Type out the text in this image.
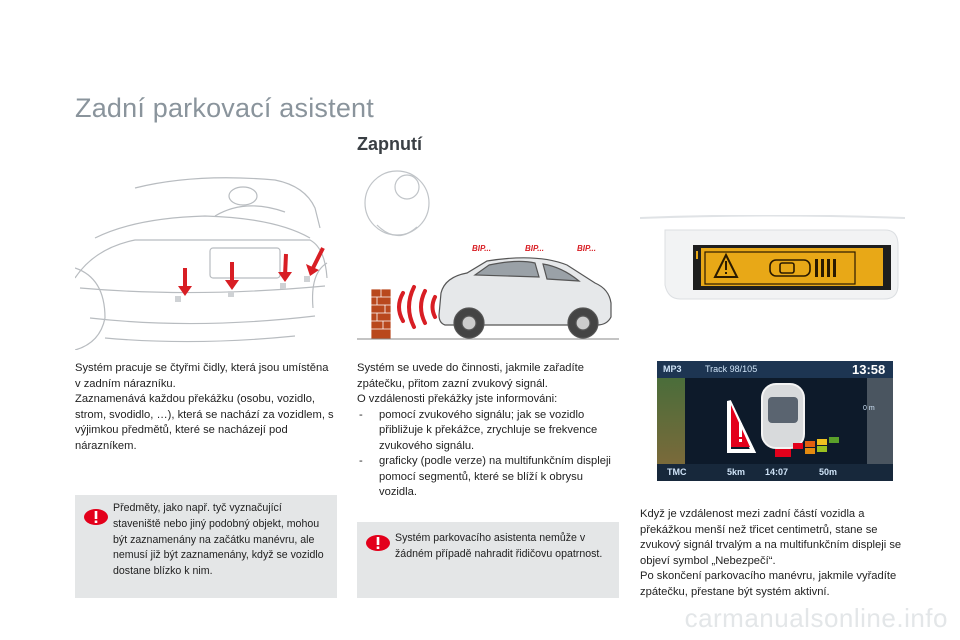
Zadní parkovací asistent
Zapnutí

Systém pracuje se čtyřmi čidly, která jsou umístěna v zadním nárazníku.

Zaznamenává každou překážku (osobu, vozidlo, strom, svodidlo, …), která se nachází za vozidlem, s výjimkou předmětů, které se nacházejí pod nárazníkem.

Předměty, jako např. tyč vyznačující staveniště nebo jiný podobný objekt, mohou být zaznamenány na začátku manévru, ale nemusí již být zaznamenány, když se vozidlo dostane blízko k nim.
BIP...	BIP...	BIP...

Systém se uvede do činnosti, jakmile zařadíte zpátečku, přitom zazní zvukový signál.

O vzdálenosti překážky jste informováni:

- pomocí zvukového signálu; jak se vozidlo přibližuje k překážce, zrychluje se frekvence zvukového signálu.
- graficky (podle verze) na multifunkčním displeji pomocí segmentů, které se blíží k obrysu vozidla.
Systém parkovacího asistenta nemůže v žádném případě nahradit řidičovu opatrnost.
MP3	Track 98/105	13:58
0 m
TMC	5km 14:07	50m

Když je vzdálenost mezi zadní částí vozidla a překážkou menší než třicet centimetrů, stane se zvukový signál trvalým a na multifunkčním displeji se objeví symbol „Nebezpečí“.

Po skončení parkovacího manévru, jakmile vyřadíte zpátečku, přestane být systém aktivní.

carmanualsonline.info
